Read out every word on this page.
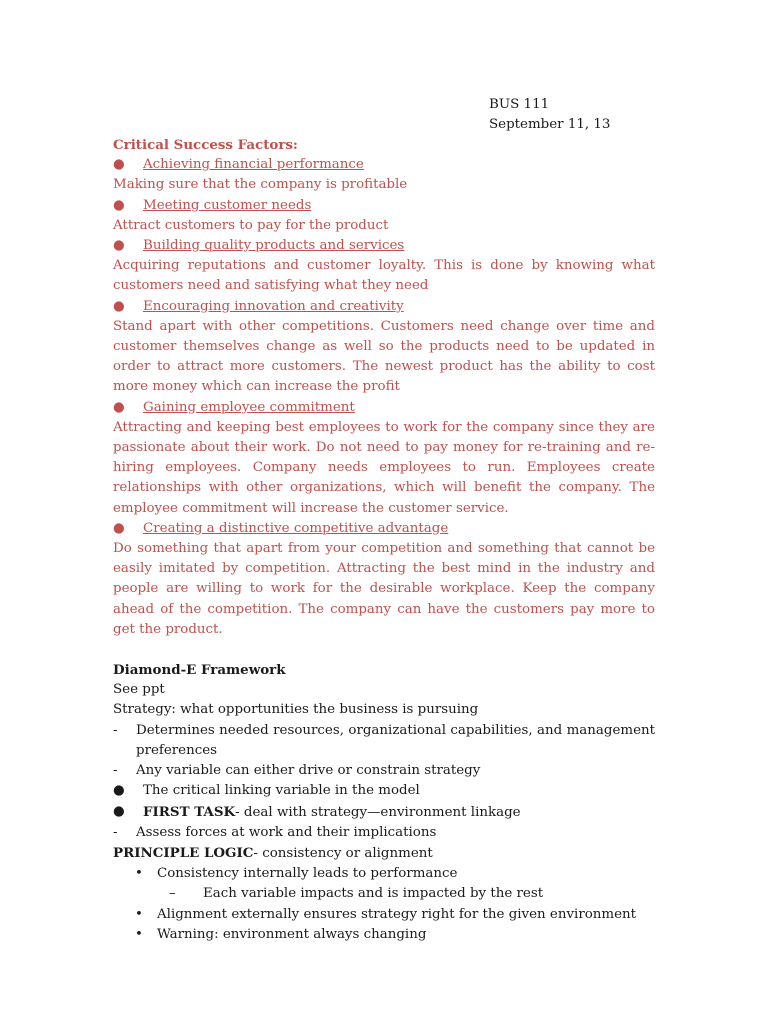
BUS 111
September 11, 13
Critical Success Factors:
●	Achieving financial performance
Making sure that the company is profitable
●	Meeting customer needs
Attract customers to pay for the product
●	Building quality products and services
Acquiring reputations and customer loyalty. This is done by knowing what customers need and satisfying what they need
●	Encouraging innovation and creativity
Stand apart with other competitions. Customers need change over time and customer themselves change as well so the products need to be updated in order to attract more customers. The newest product has the ability to cost more money which can increase the profit
●	Gaining employee commitment
Attracting and keeping best employees to work for the company since they are passionate about their work. Do not need to pay money for re-training and re-hiring employees. Company needs employees to run. Employees create relationships with other organizations, which will benefit the company. The employee commitment will increase the customer service.
●	Creating a distinctive competitive advantage
Do something that apart from your competition and something that cannot be easily imitated by competition. Attracting the best mind in the industry and people are willing to work for the desirable workplace. Keep the company ahead of the competition. The company can have the customers pay more to get the product.
Diamond-E Framework
See ppt
Strategy: what opportunities the business is pursuing
-	Determines needed resources, organizational capabilities, and management preferences
-	Any variable can either drive or constrain strategy
●	The critical linking variable in the model
●	FIRST TASK- deal with strategy—environment linkage
-	Assess forces at work and their implications
PRINCIPLE LOGIC- consistency or alignment
•	Consistency internally leads to performance
–	Each variable impacts and is impacted by the rest
•	Alignment externally ensures strategy right for the given environment
•	Warning: environment always changing
